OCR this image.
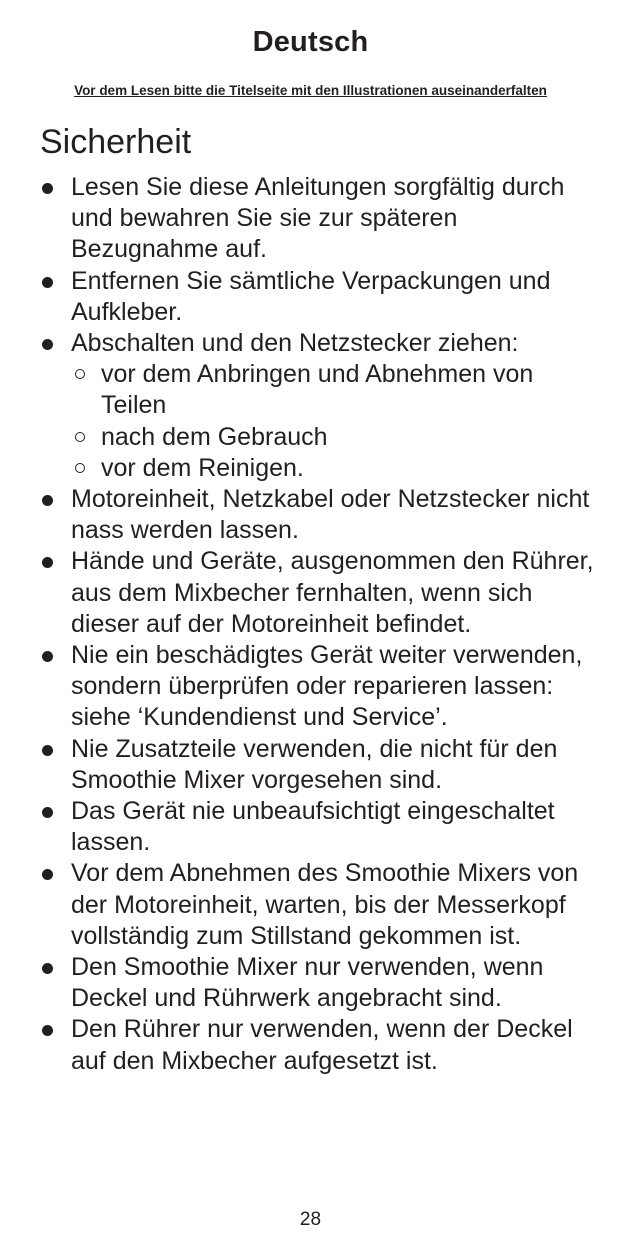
Deutsch
Vor dem Lesen bitte die Titelseite mit den Illustrationen auseinanderfalten
Sicherheit
Lesen Sie diese Anleitungen sorgfältig durch und bewahren Sie sie zur späteren Bezugnahme auf.
Entfernen Sie sämtliche Verpackungen und Aufkleber.
Abschalten und den Netzstecker ziehen:
vor dem Anbringen und Abnehmen von Teilen
nach dem Gebrauch
vor dem Reinigen.
Motoreinheit, Netzkabel oder Netzstecker nicht nass werden lassen.
Hände und Geräte, ausgenommen den Rührer, aus dem Mixbecher fernhalten, wenn sich dieser auf der Motoreinheit befindet.
Nie ein beschädigtes Gerät weiter verwenden, sondern überprüfen oder reparieren lassen: siehe ‘Kundendienst und Service’.
Nie Zusatzteile verwenden, die nicht für den Smoothie Mixer vorgesehen sind.
Das Gerät nie unbeaufsichtigt eingeschaltet lassen.
Vor dem Abnehmen des Smoothie Mixers von der Motoreinheit, warten, bis der Messerkopf vollständig zum Stillstand gekommen ist.
Den Smoothie Mixer nur verwenden, wenn Deckel und Rührwerk angebracht sind.
Den Rührer nur verwenden, wenn der Deckel auf den Mixbecher aufgesetzt ist.
28
